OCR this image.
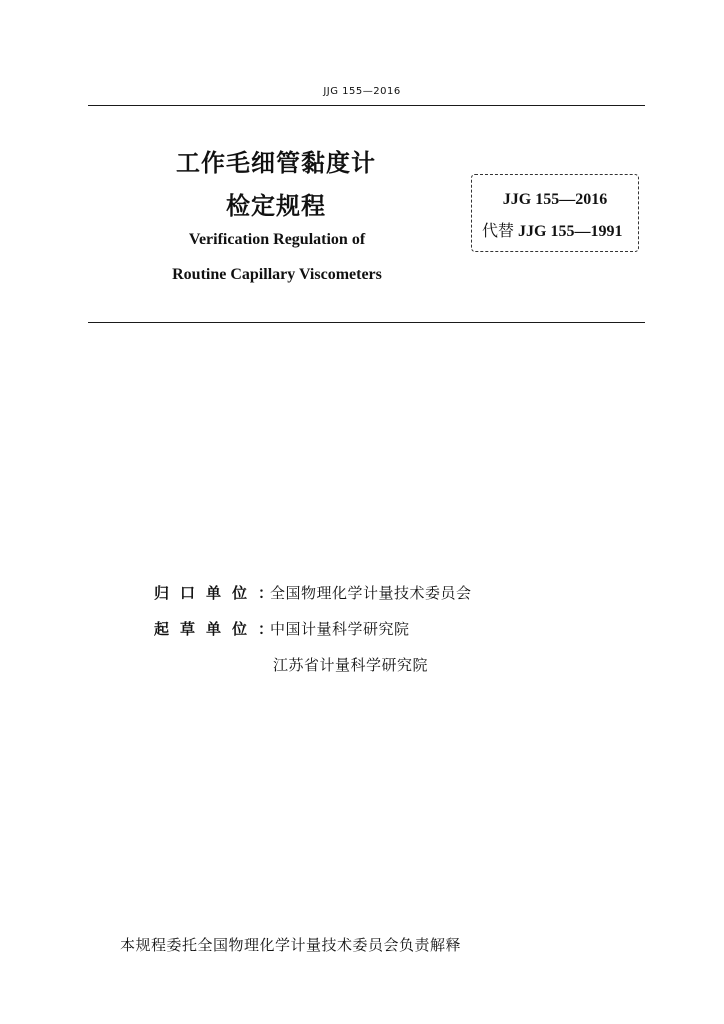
JJG 155—2016
工作毛细管黏度计
检定规程
Verification Regulation of
Routine Capillary Viscometers
JJG 155—2016
代替 JJG 155—1991
归口单位：全国物理化学计量技术委员会
起草单位：中国计量科学研究院
江苏省计量科学研究院
本规程委托全国物理化学计量技术委员会负责解释
